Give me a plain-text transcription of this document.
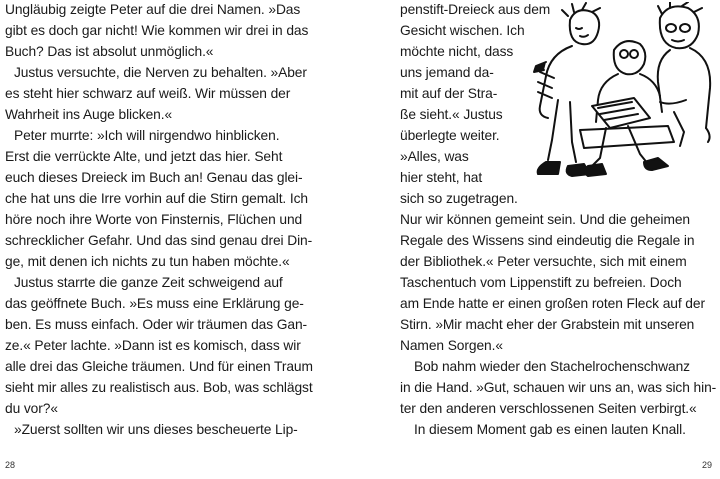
Ungläubig zeigte Peter auf die drei Namen. »Das
gibt es doch gar nicht! Wie kommen wir drei in das
Buch? Das ist absolut unmöglich.«
Justus versuchte, die Nerven zu behalten. »Aber
es steht hier schwarz auf weiß. Wir müssen der
Wahrheit ins Auge blicken.«
Peter murrte: »Ich will nirgendwo hinblicken.
Erst die verrückte Alte, und jetzt das hier. Seht
euch dieses Dreieck im Buch an! Genau das glei-
che hat uns die Irre vorhin auf die Stirn gemalt. Ich
höre noch ihre Worte von Finsternis, Flüchen und
schrecklicher Gefahr. Und das sind genau drei Din-
ge, mit denen ich nichts zu tun haben möchte.«
Justus starrte die ganze Zeit schweigend auf
das geöffnete Buch. »Es muss eine Erklärung ge-
ben. Es muss einfach. Oder wir träumen das Gan-
ze.« Peter lachte. »Dann ist es komisch, dass wir
alle drei das Gleiche träumen. Und für einen Traum
sieht mir alles zu realistisch aus. Bob, was schlägst
du vor?«
»Zuerst sollten wir uns dieses bescheuerte Lip-
28
penstift-Dreieck aus dem
Gesicht wischen. Ich
möchte nicht, dass
uns jemand da-
mit auf der Stra-
ße sieht.« Justus
überlegte weiter.
»Alles, was
hier steht, hat
sich so zugetragen.
Nur wir können gemeint sein. Und die geheimen
Regale des Wissens sind eindeutig die Regale in
der Bibliothek.« Peter versuchte, sich mit einem
Taschentuch vom Lippenstift zu befreien. Doch
am Ende hatte er einen großen roten Fleck auf der
Stirn. »Mir macht eher der Grabstein mit unseren
Namen Sorgen.«
Bob nahm wieder den Stachelrochenschwanz
in die Hand. »Gut, schauen wir uns an, was sich hin-
ter den anderen verschlossenen Seiten verbirgt.«
In diesem Moment gab es einen lauten Knall.
29
